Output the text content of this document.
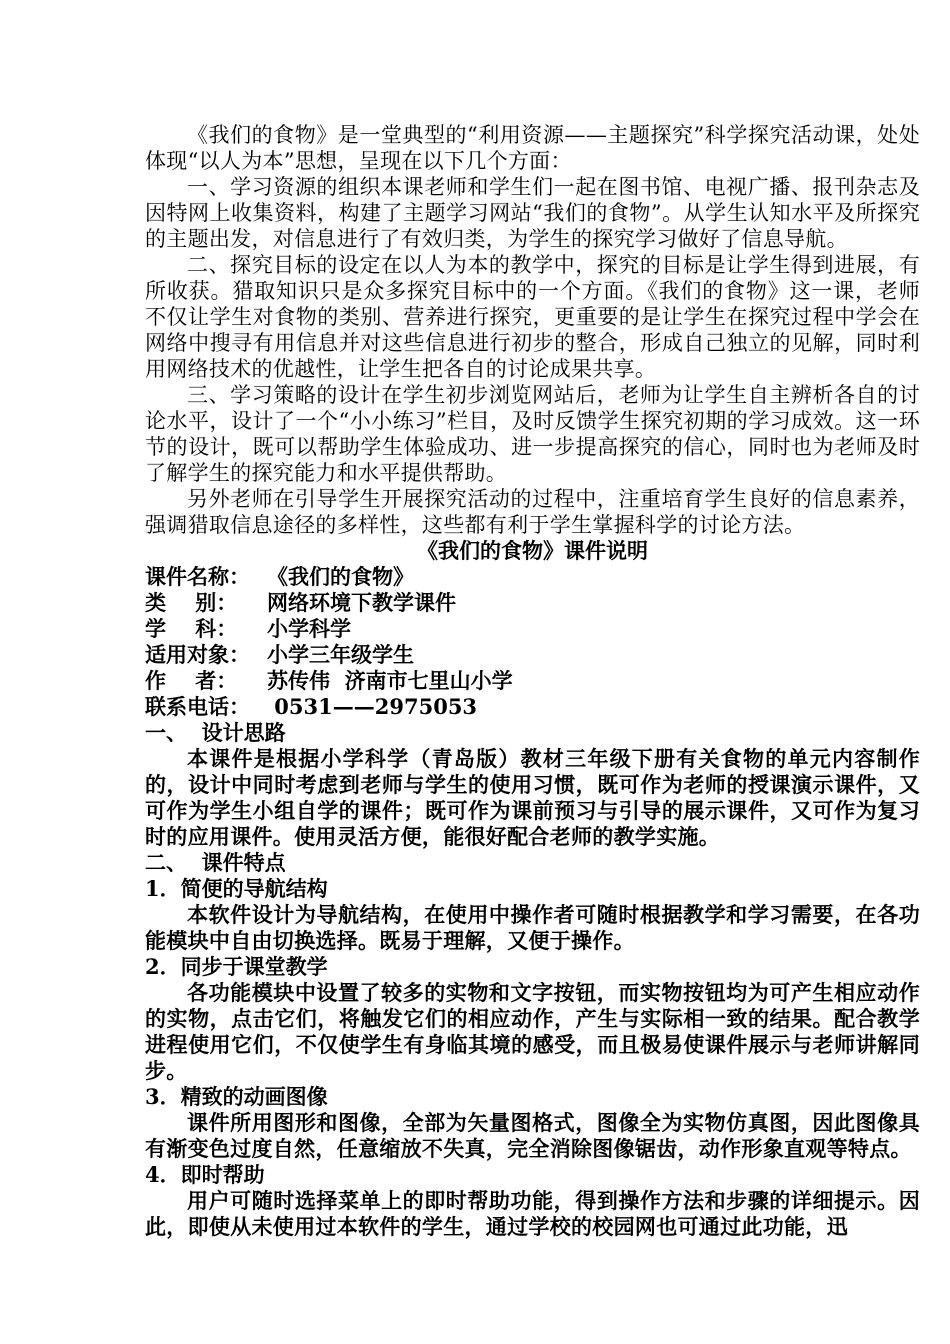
《我们的食物》是一堂典型的“利用资源——主题探究”科学探究活动课，处处体现“以人为本”思想，呈现在以下几个方面：

一、学习资源的组织本课老师和学生们一起在图书馆、电视广播、报刊杂志及因特网上收集资料，构建了主题学习网站“我们的食物”。从学生认知水平及所探究的主题出发，对信息进行了有效归类，为学生的探究学习做好了信息导航。

二、探究目标的设定在以人为本的教学中，探究的目标是让学生得到进展，有所收获。猎取知识只是众多探究目标中的一个方面。《我们的食物》这一课，老师不仅让学生对食物的类别、营养进行探究，更重要的是让学生在探究过程中学会在网络中搜寻有用信息并对这些信息进行初步的整合，形成自己独立的见解，同时利用网络技术的优越性，让学生把各自的讨论成果共享。

三、学习策略的设计在学生初步浏览网站后，老师为让学生自主辨析各自的讨论水平，设计了一个“小小练习”栏目，及时反馈学生探究初期的学习成效。这一环节的设计，既可以帮助学生体验成功、进一步提高探究的信心，同时也为老师及时了解学生的探究能力和水平提供帮助。

另外老师在引导学生开展探究活动的过程中，注重培育学生良好的信息素养，强调猎取信息途径的多样性，这些都有利于学生掌握科学的讨论方法。

《我们的食物》课件说明

课件名称： 《我们的食物》
类    别：	网络环境下教学课件
学    科：	小学科学
适用对象： 小学三年级学生
作    者：	苏传伟  济南市七里山小学
联系电话： 0531——2975053

一、  设计思路

本课件是根据小学科学（青岛版）教材三年级下册有关食物的单元内容制作的，设计中同时考虑到老师与学生的使用习惯，既可作为老师的授课演示课件，又可作为学生小组自学的课件；既可作为课前预习与引导的展示课件，又可作为复习时的应用课件。使用灵活方便，能很好配合老师的教学实施。

二、  课件特点

1．简便的导航结构

本软件设计为导航结构，在使用中操作者可随时根据教学和学习需要，在各功能模块中自由切换选择。既易于理解，又便于操作。

2．同步于课堂教学

各功能模块中设置了较多的实物和文字按钮，而实物按钮均为可产生相应动作的实物，点击它们，将触发它们的相应动作，产生与实际相一致的结果。配合教学进程使用它们，不仅使学生有身临其境的感受，而且极易使课件展示与老师讲解同步。

3．精致的动画图像

课件所用图形和图像，全部为矢量图格式，图像全为实物仿真图，因此图像具有渐变色过度自然，任意缩放不失真，完全消除图像锯齿，动作形象直观等特点。

4．即时帮助

用户可随时选择菜单上的即时帮助功能，得到操作方法和步骤的详细提示。因此，即使从未使用过本软件的学生，通过学校的校园网也可通过此功能，迅
